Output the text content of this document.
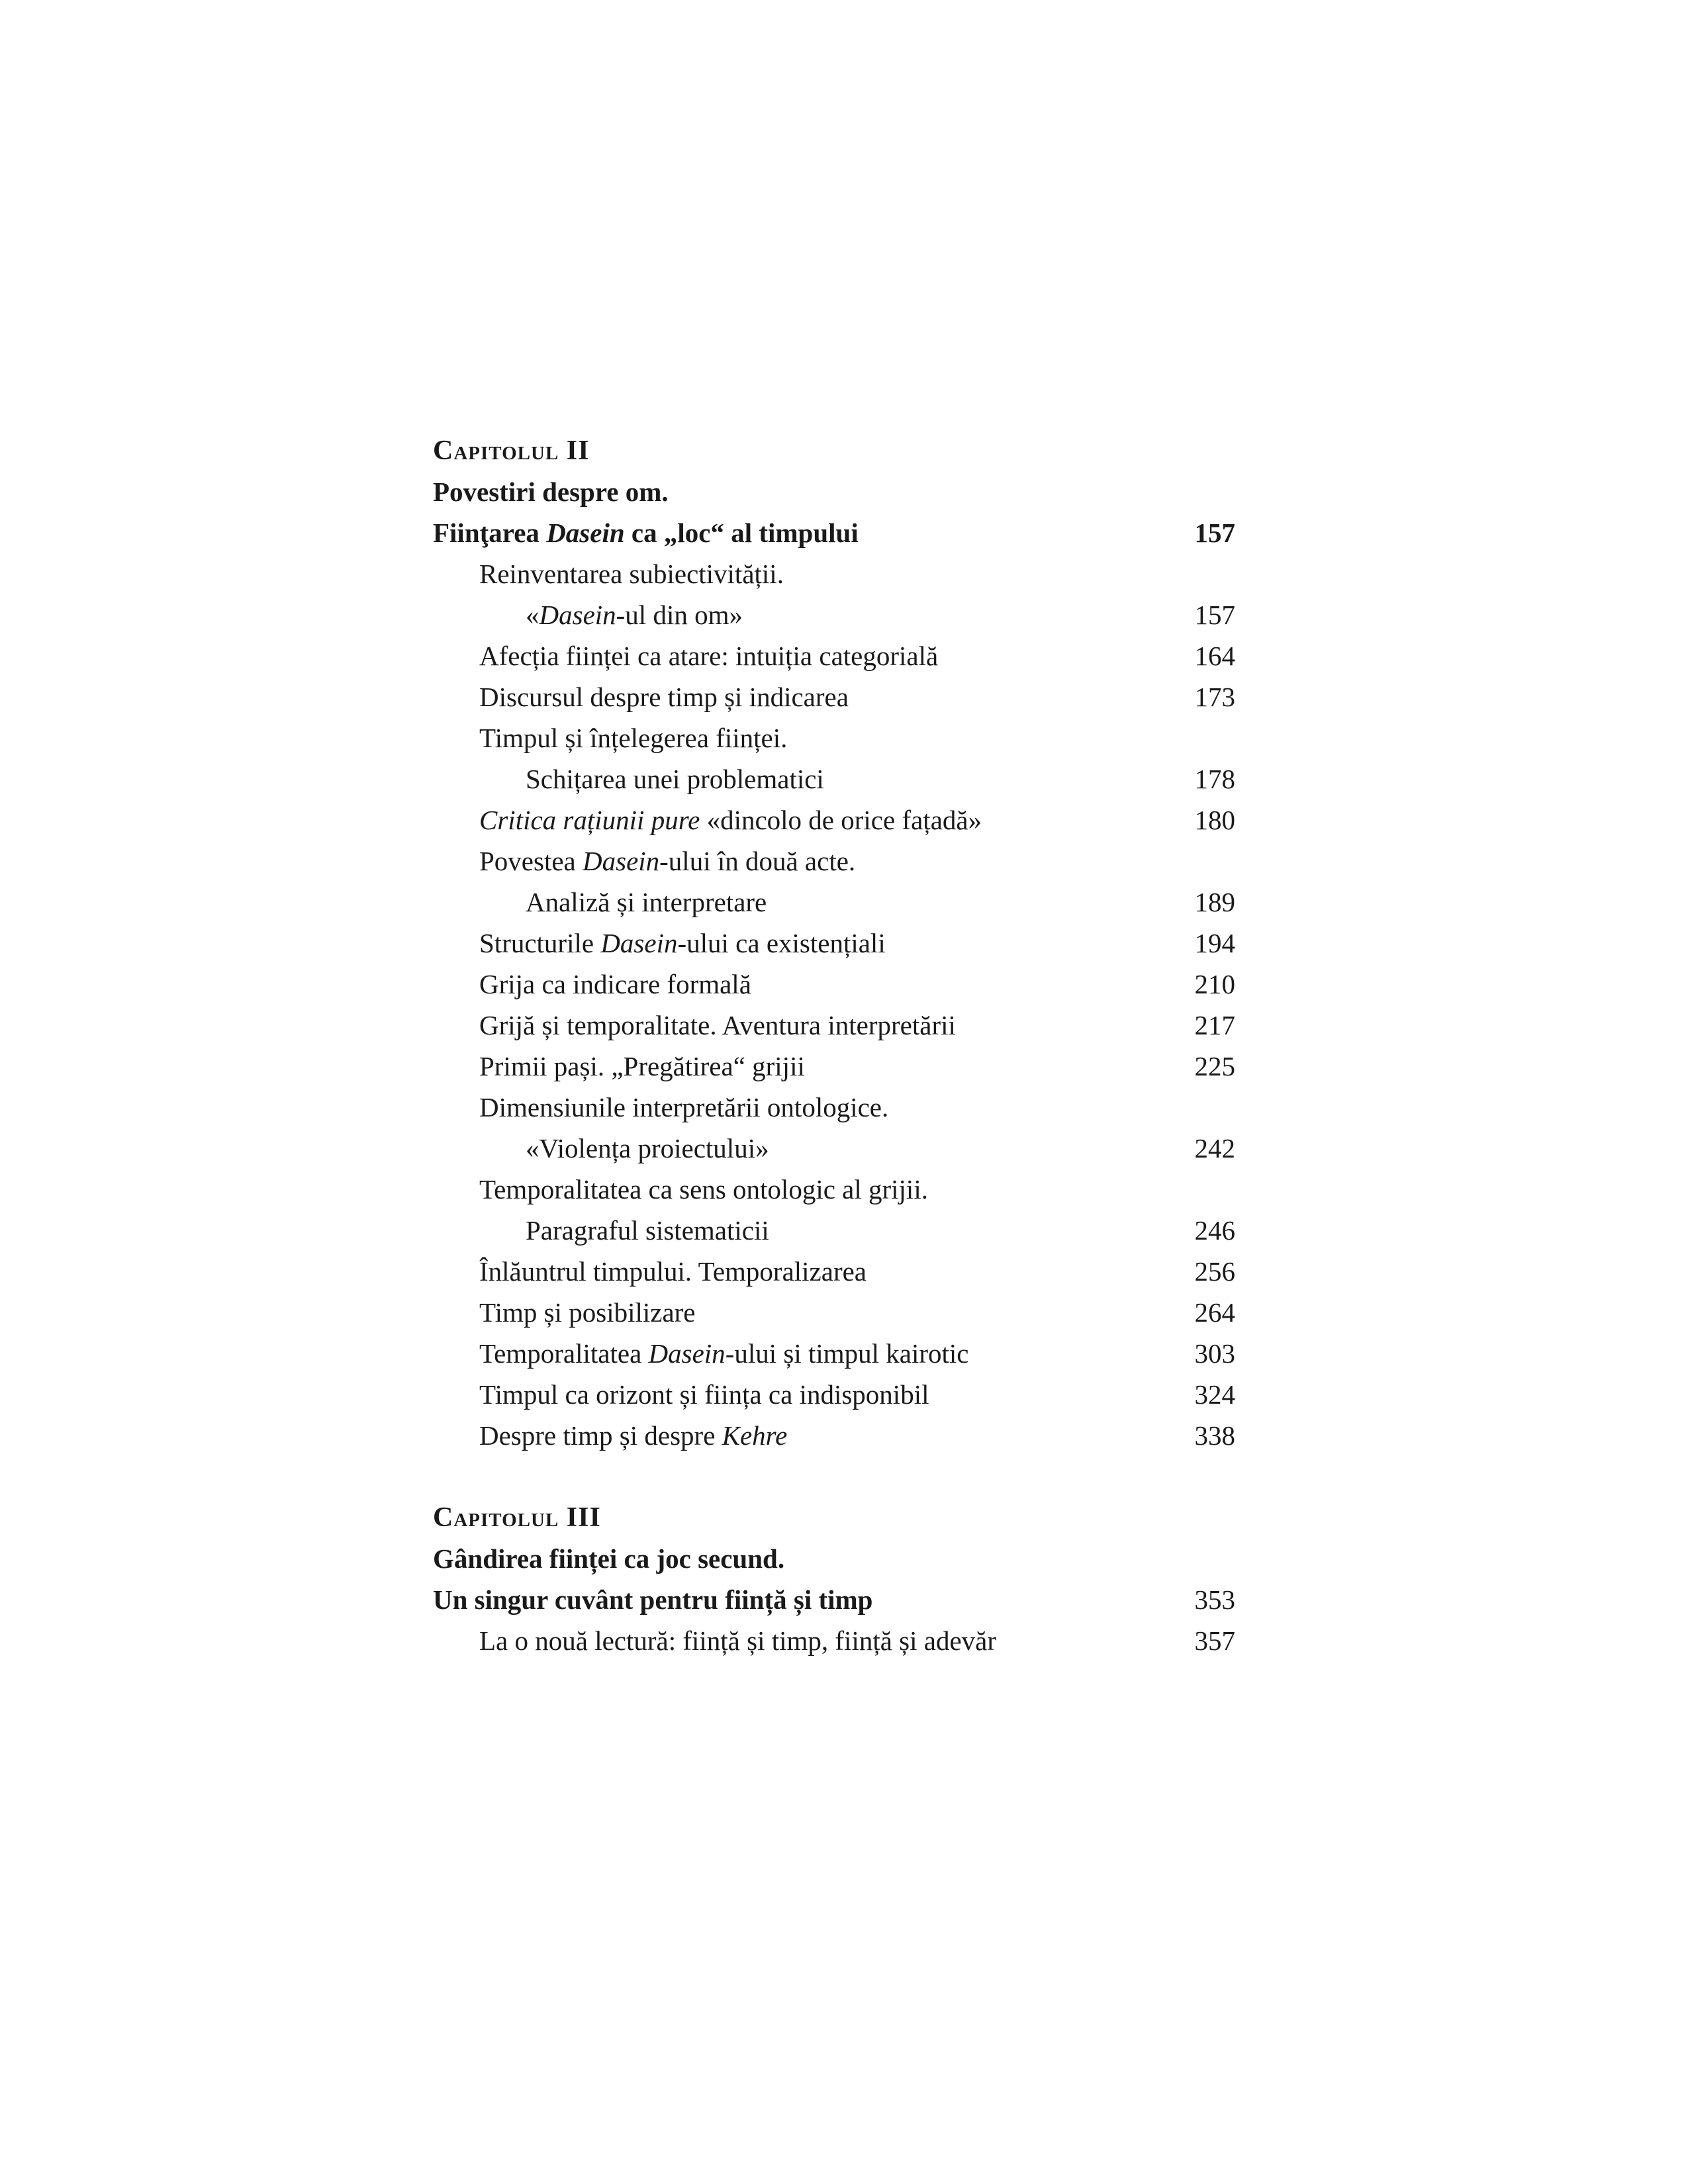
Capitolul II
Povestiri despre om.
Fiinţarea Dasein ca „loc“ al timpului	157
Reinventarea subiectivității.
«Dasein-ul din om»	157
Afecția ființei ca atare: intuiția categorială	164
Discursul despre timp și indicarea	173
Timpul și înțelegerea ființei.
Schițarea unei problematici	178
Critica rațiunii pure «dincolo de orice fațadă»	180
Povestea Dasein-ului în două acte.
Analiză și interpretare	189
Structurile Dasein-ului ca existențiali	194
Grija ca indicare formală	210
Grijă și temporalitate. Aventura interpretării	217
Primii pași. „Pregătirea“ grijii	225
Dimensiunile interpretării ontologice.
«Violența proiectului»	242
Temporalitatea ca sens ontologic al grijii.
Paragraful sistematicii	246
Înlăuntrul timpului. Temporalizarea	256
Timp și posibilizare	264
Temporalitatea Dasein-ului și timpul kairotic	303
Timpul ca orizont și ființa ca indisponibil	324
Despre timp și despre Kehre	338
Capitolul III
Gândirea ființei ca joc secund.
Un singur cuvânt pentru ființă și timp	353
La o nouă lectură: ființă și timp, ființă și adevăr	357
